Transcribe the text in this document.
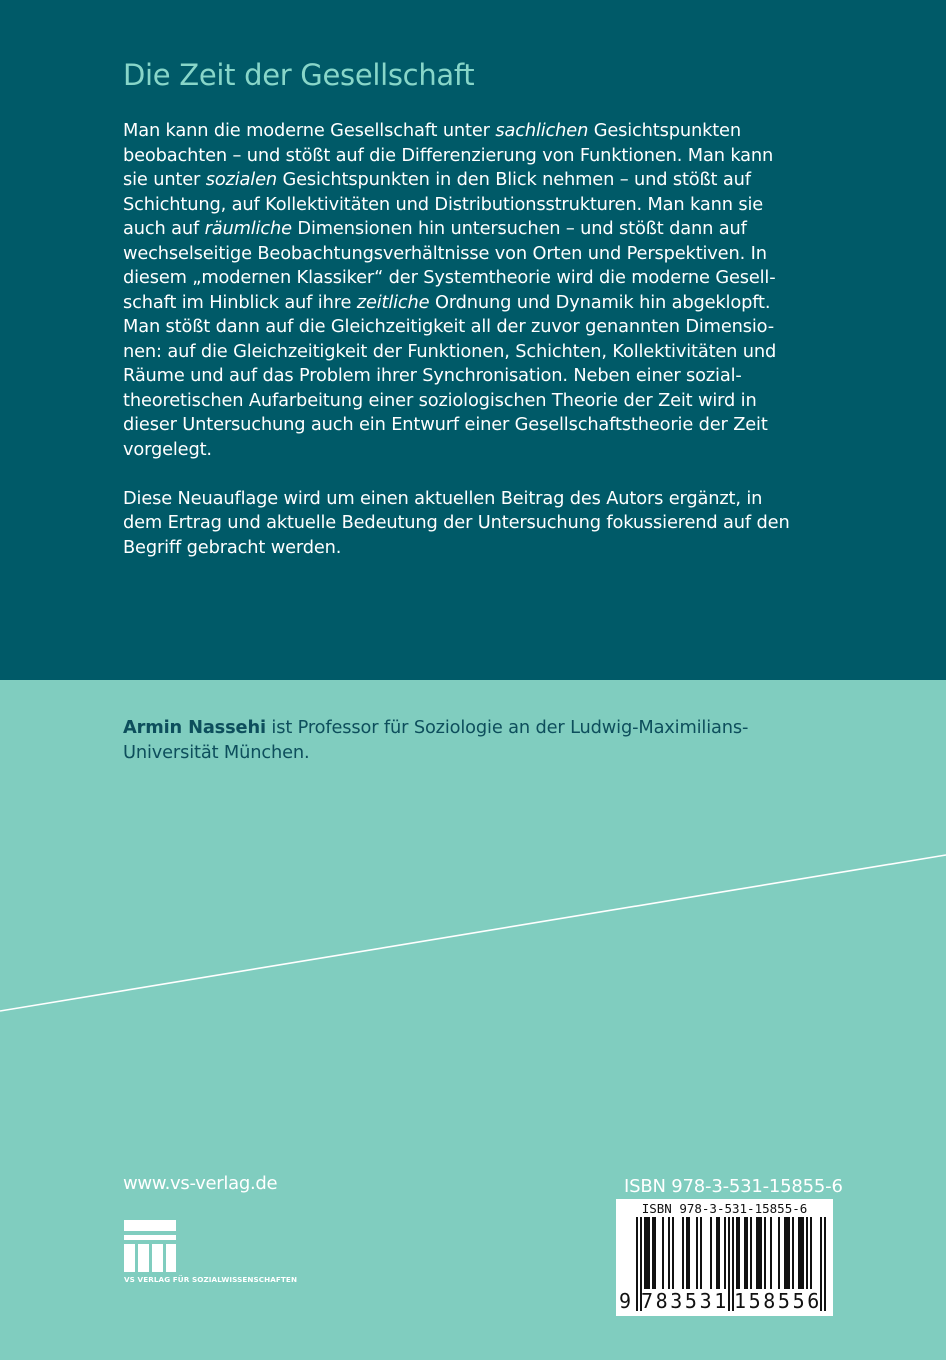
Die Zeit der Gesellschaft
Man kann die moderne Gesellschaft unter sachlichen Gesichtspunkten
beobachten – und stößt auf die Differenzierung von Funktionen. Man kann
sie unter sozialen Gesichtspunkten in den Blick nehmen – und stößt auf
Schichtung, auf Kollektivitäten und Distributionsstrukturen. Man kann sie
auch auf räumliche Dimensionen hin untersuchen – und stößt dann auf
wechselseitige Beobachtungsverhältnisse von Orten und Perspektiven. In
diesem „modernen Klassiker“ der Systemtheorie wird die moderne Gesell-
schaft im Hinblick auf ihre zeitliche Ordnung und Dynamik hin abgeklopft.
Man stößt dann auf die Gleichzeitigkeit all der zuvor genannten Dimensio-
nen: auf die Gleichzeitigkeit der Funktionen, Schichten, Kollektivitäten und
Räume und auf das Problem ihrer Synchronisation. Neben einer sozial-
theoretischen Aufarbeitung einer soziologischen Theorie der Zeit wird in
dieser Untersuchung auch ein Entwurf einer Gesellschaftstheorie der Zeit
vorgelegt.
Diese Neuauflage wird um einen aktuellen Beitrag des Autors ergänzt, in
dem Ertrag und aktuelle Bedeutung der Untersuchung fokussierend auf den
Begriff gebracht werden.
Armin Nassehi ist Professor für Soziologie an der Ludwig-Maximilians-
Universität München.
www.vs-verlag.de
VS VERLAG FÜR SOZIALWISSENSCHAFTEN
ISBN 978-3-531-15855-6
ISBN 978-3-531-15855-6
9 783531 158556
